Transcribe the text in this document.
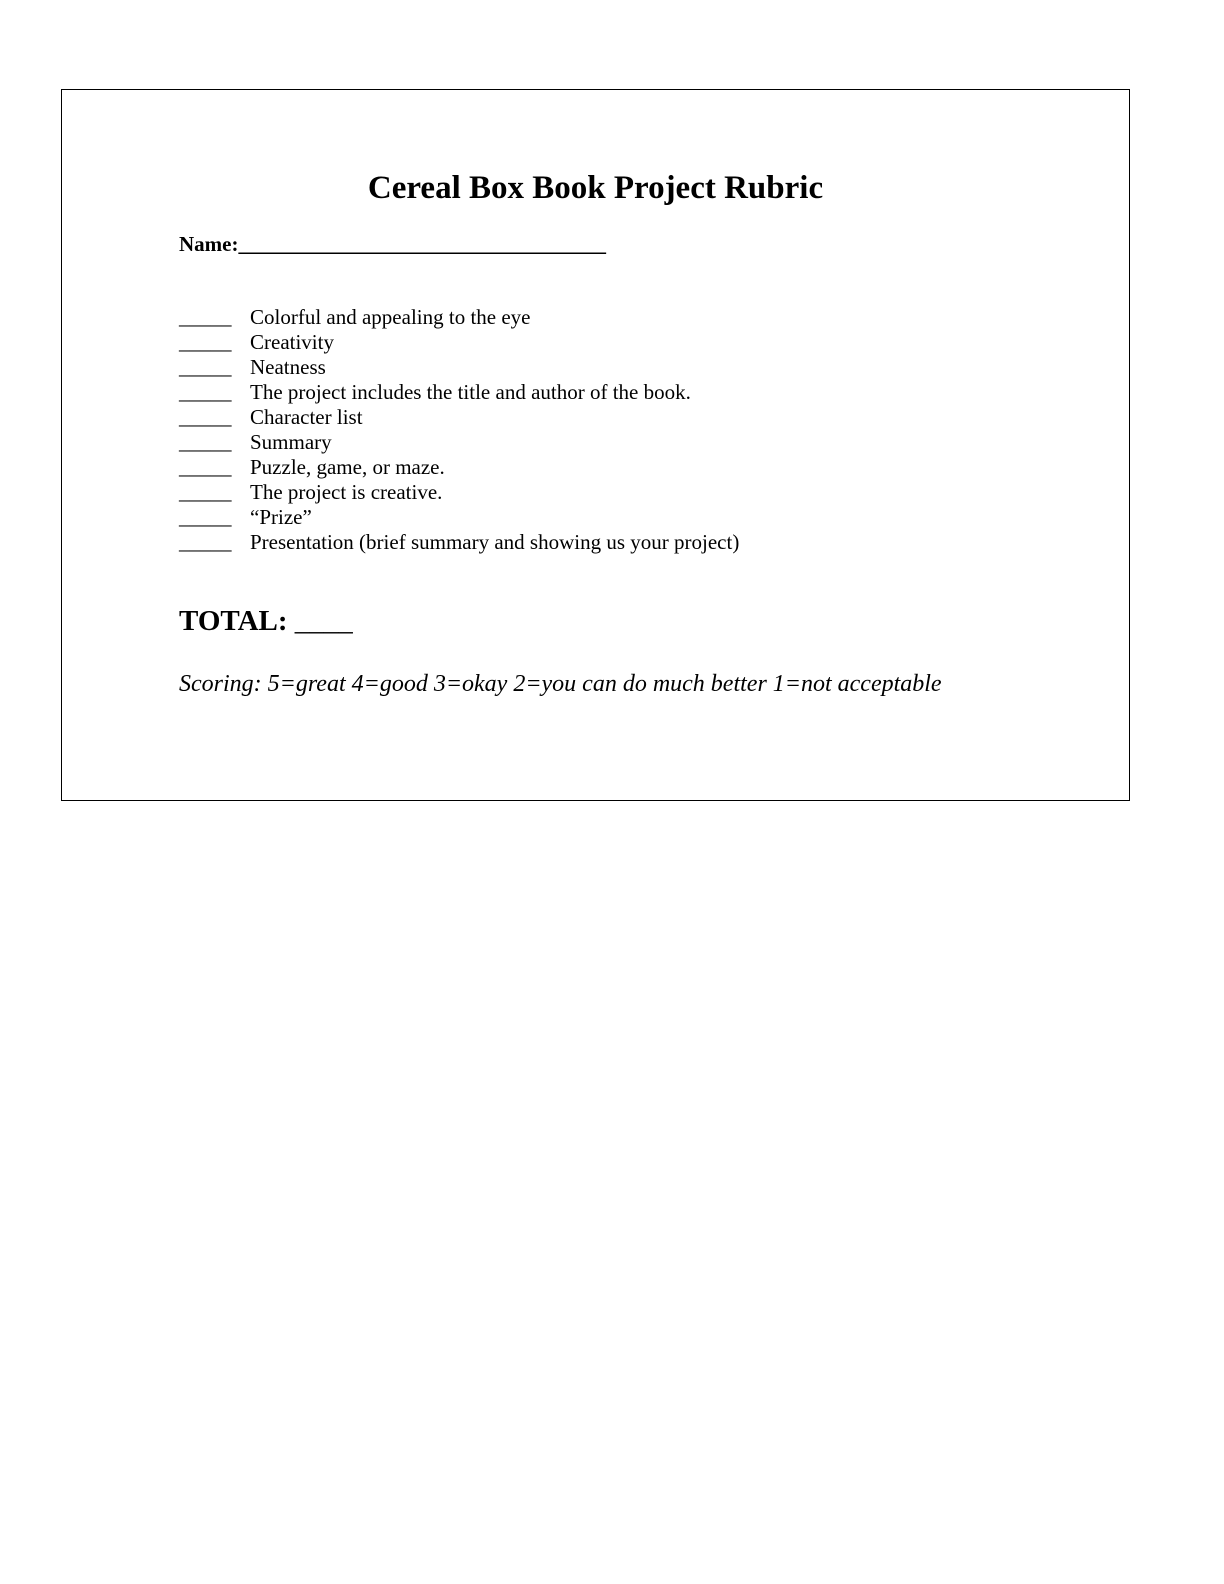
Cereal Box Book Project Rubric
Name:___________________________________
_____ Colorful and appealing to the eye
_____ Creativity
_____ Neatness
_____ The project includes the title and author of the book.
_____ Character list
_____ Summary
_____ Puzzle, game, or maze.
_____ The project is creative.
_____ “Prize”
_____ Presentation (brief summary and showing us your project)
TOTAL: ____
Scoring: 5=great 4=good 3=okay 2=you can do much better 1=not acceptable
